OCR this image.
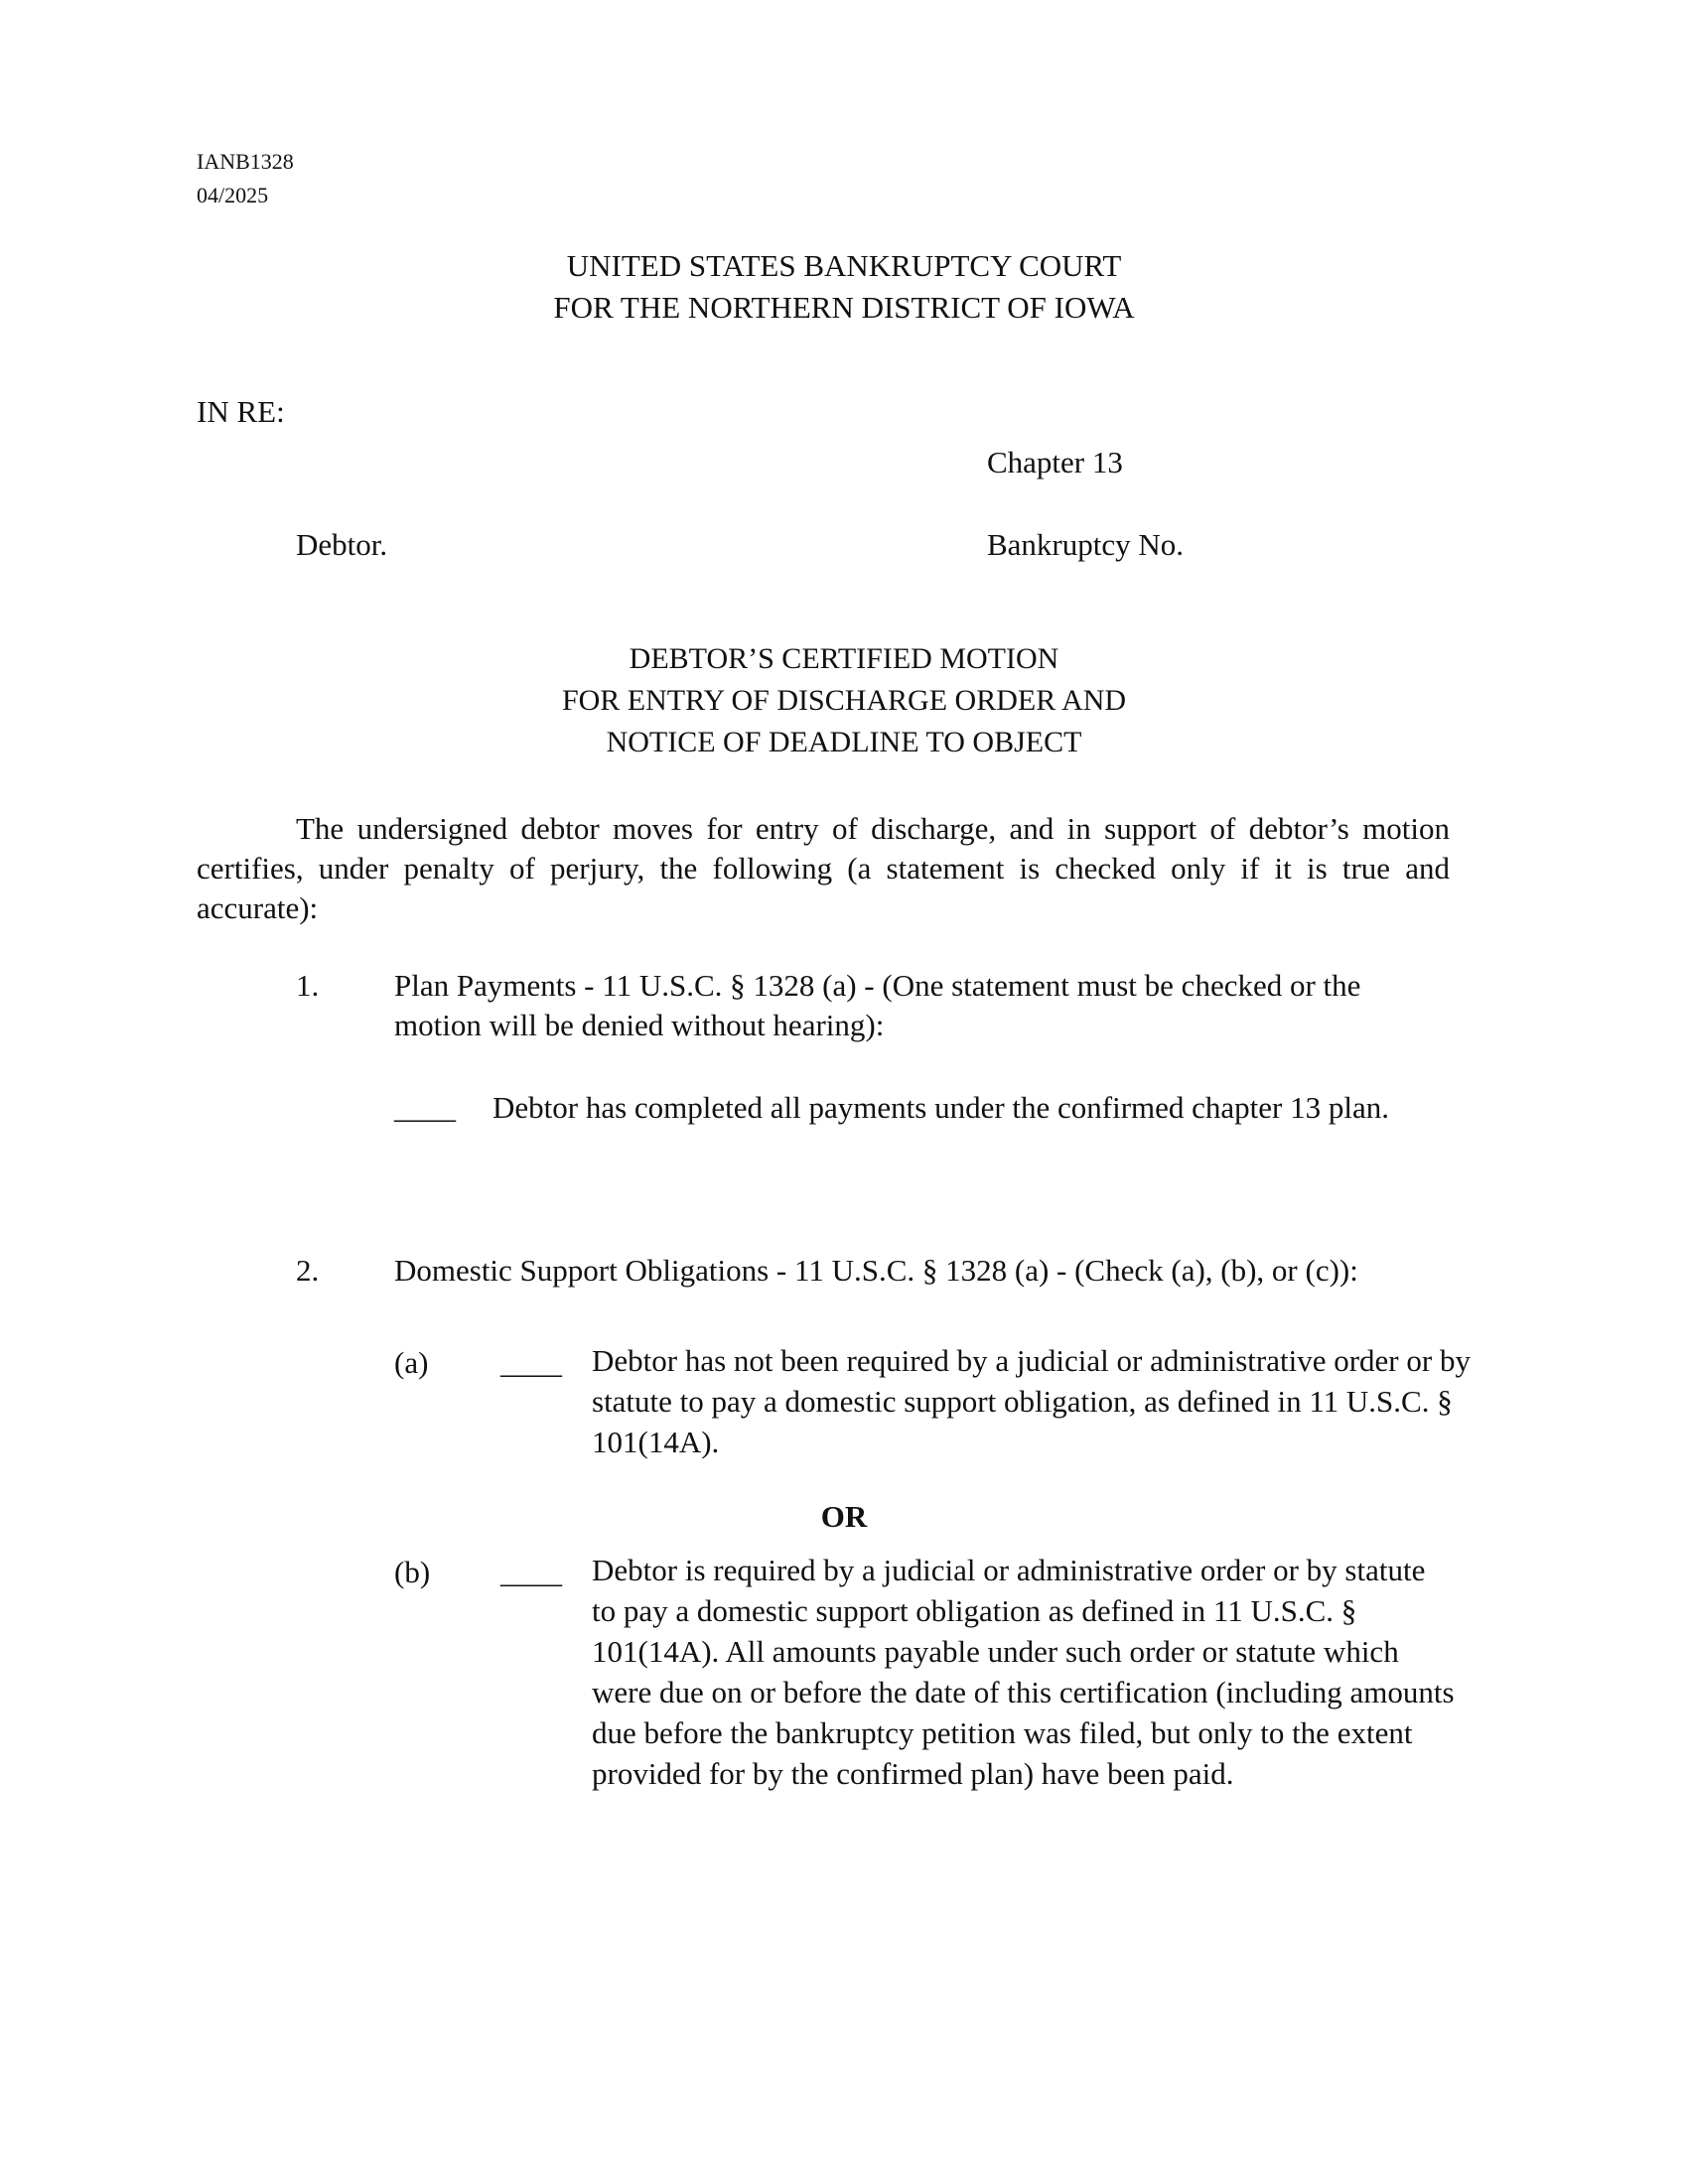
IANB1328
04/2025
UNITED STATES BANKRUPTCY COURT
FOR THE NORTHERN DISTRICT OF IOWA
IN RE:
Chapter 13
Debtor.	Bankruptcy No.
DEBTOR’S CERTIFIED MOTION
FOR ENTRY OF DISCHARGE ORDER AND
NOTICE OF DEADLINE TO OBJECT
The undersigned debtor moves for entry of discharge, and in support of debtor’s motion certifies, under penalty of perjury, the following (a statement is checked only if it is true and accurate):
1. Plan Payments - 11 U.S.C. § 1328 (a) - (One statement must be checked or the
motion will be denied without hearing):
____ Debtor has completed all payments under the confirmed chapter 13 plan.
2. Domestic Support Obligations - 11 U.S.C. § 1328 (a) - (Check (a), (b), or (c)):
(a) ____ Debtor has not been required by a judicial or administrative order or by statute to pay a domestic support obligation, as defined in 11 U.S.C. § 101(14A).
OR
(b) ____ Debtor is required by a judicial or administrative order or by statute to pay a domestic support obligation as defined in 11 U.S.C. § 101(14A). All amounts payable under such order or statute which were due on or before the date of this certification (including amounts due before the bankruptcy petition was filed, but only to the extent provided for by the confirmed plan) have been paid.
